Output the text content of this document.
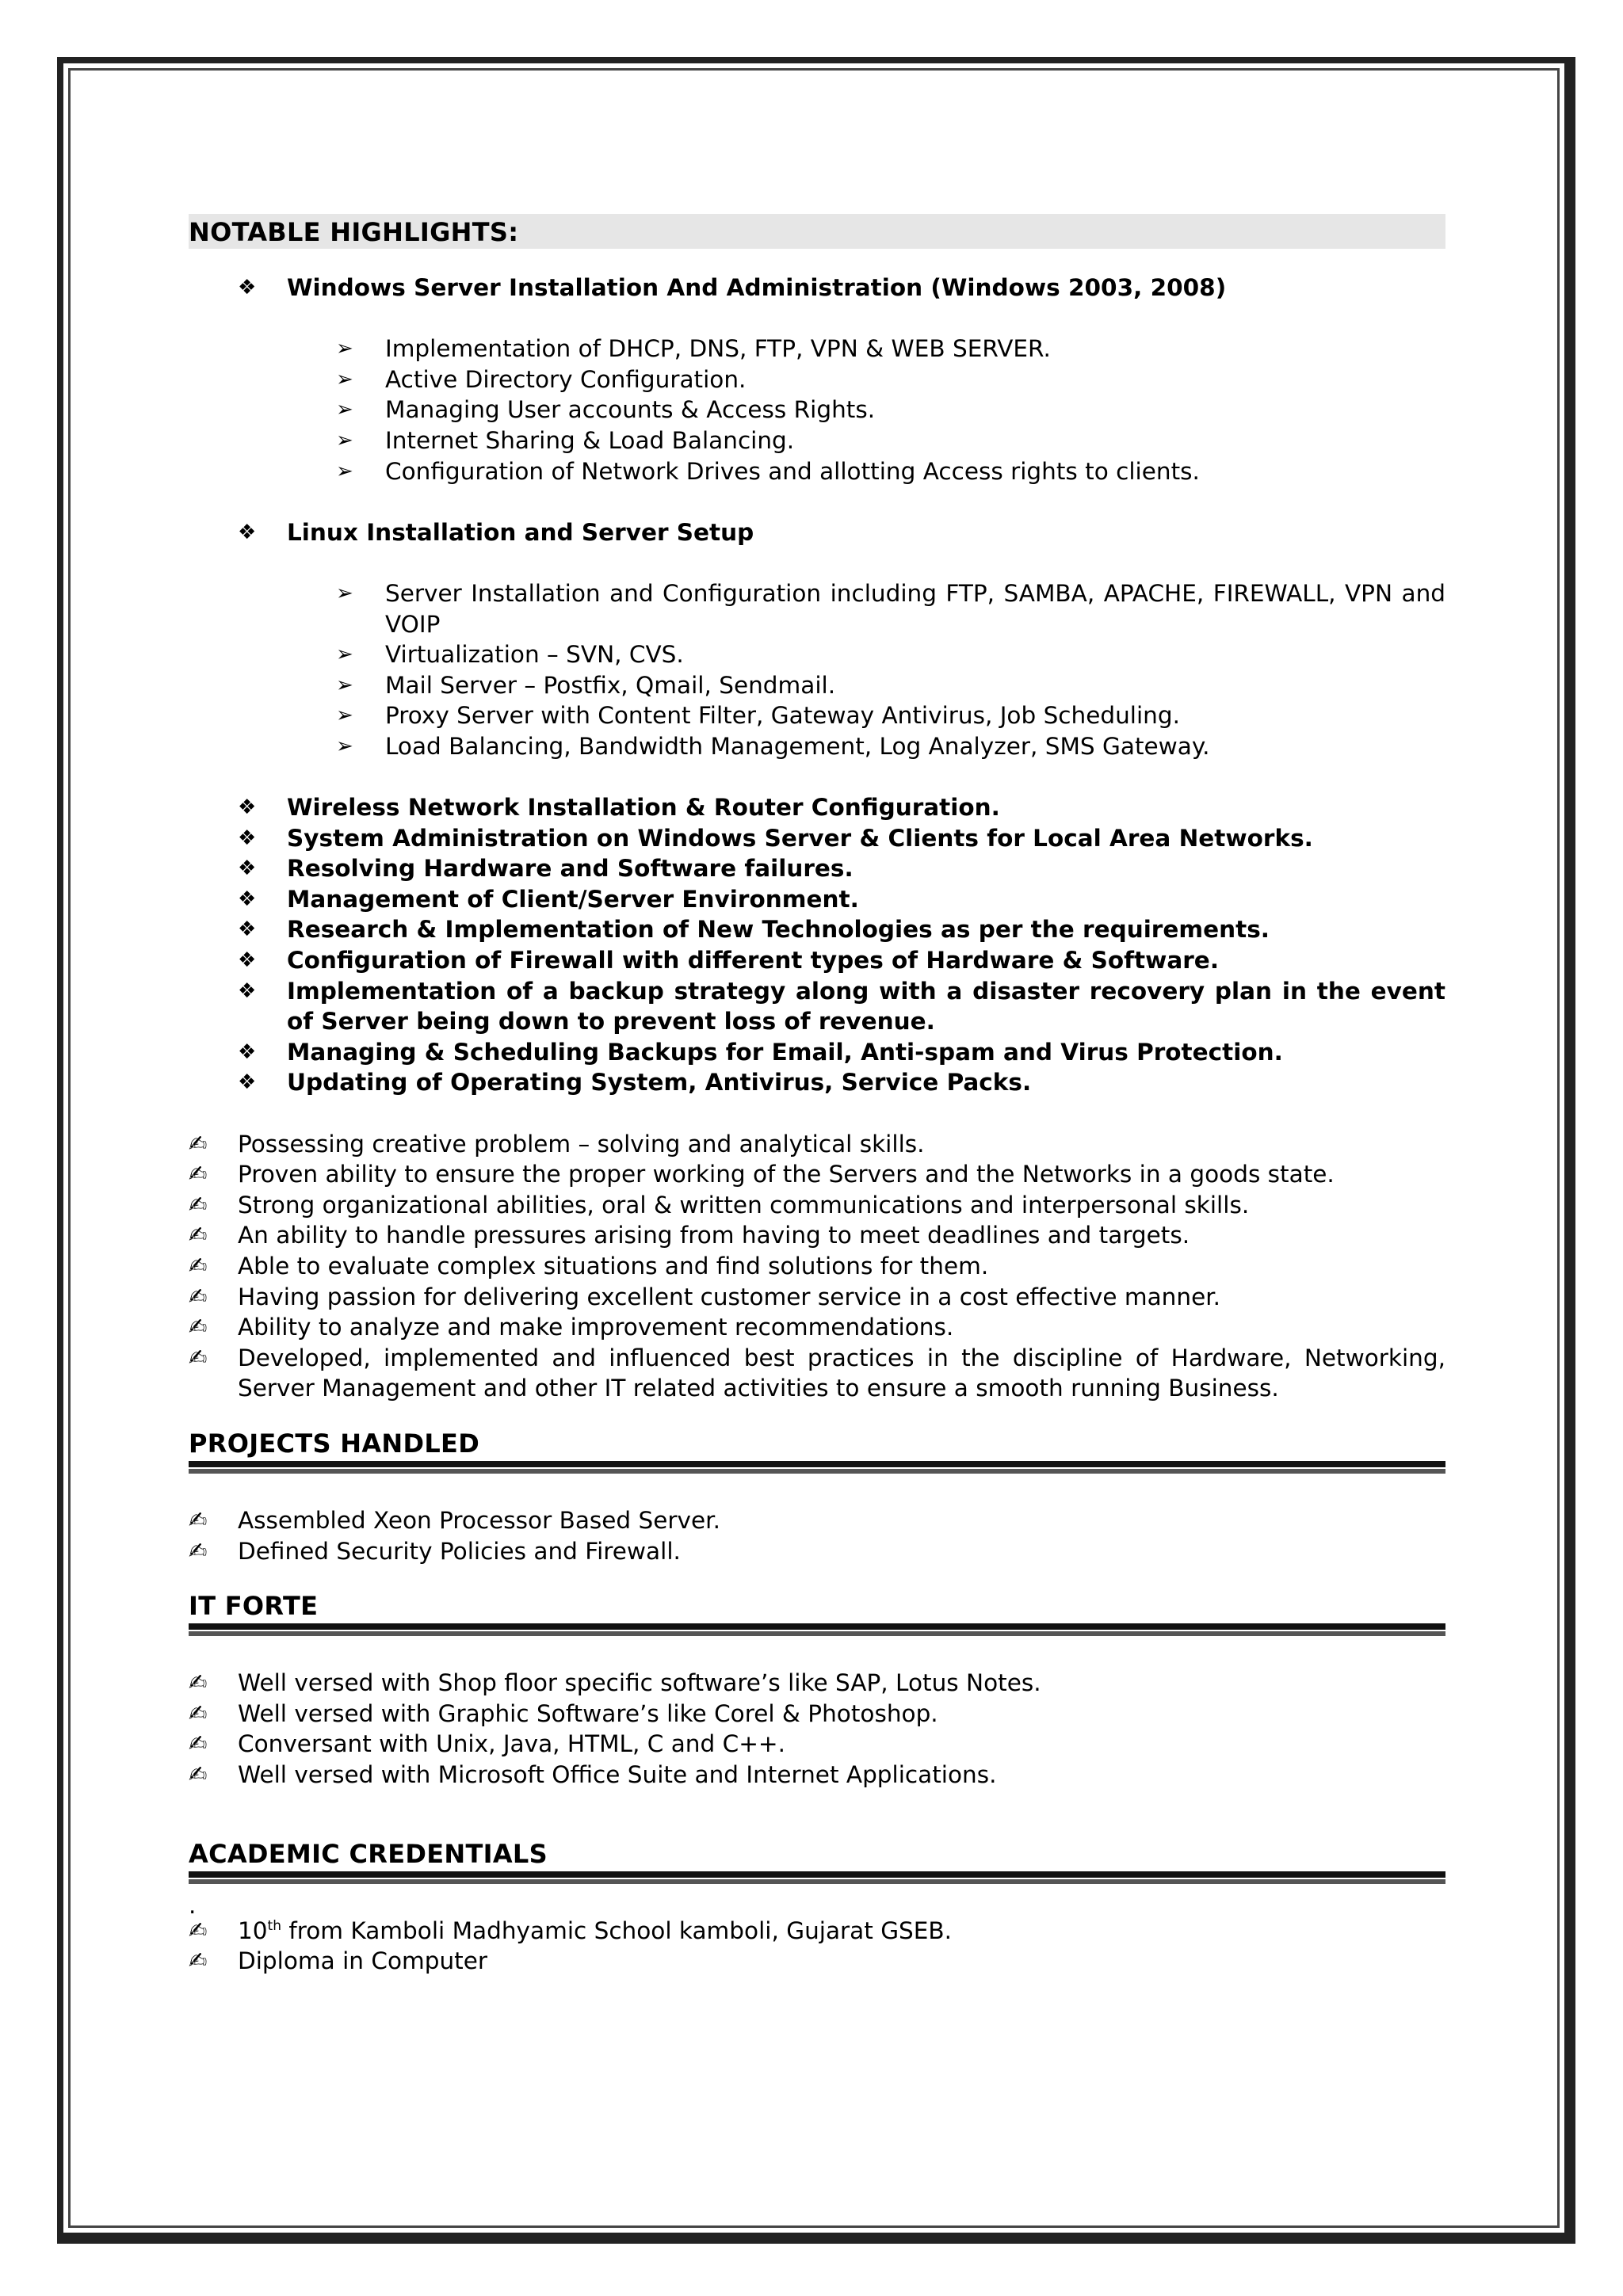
NOTABLE HIGHLIGHTS:
❖ Windows Server Installation And Administration (Windows 2003, 2008)
➢ Implementation of DHCP, DNS, FTP, VPN & WEB SERVER.
➢ Active Directory Configuration.
➢ Managing User accounts & Access Rights.
➢ Internet Sharing & Load Balancing.
➢ Configuration of Network Drives and allotting Access rights to clients.
❖ Linux Installation and Server Setup
➢ Server Installation and Configuration including FTP, SAMBA, APACHE, FIREWALL, VPN and VOIP
➢ Virtualization – SVN, CVS.
➢ Mail Server – Postfix, Qmail, Sendmail.
➢ Proxy Server with Content Filter, Gateway Antivirus, Job Scheduling.
➢ Load Balancing, Bandwidth Management, Log Analyzer, SMS Gateway.
❖ Wireless Network Installation & Router Configuration.
❖ System Administration on Windows Server & Clients for Local Area Networks.
❖ Resolving Hardware and Software failures.
❖ Management of Client/Server Environment.
❖ Research & Implementation of New Technologies as per the requirements.
❖ Configuration of Firewall with different types of Hardware & Software.
❖ Implementation of a backup strategy along with a disaster recovery plan in the event of Server being down to prevent loss of revenue.
❖ Managing & Scheduling Backups for Email, Anti-spam and Virus Protection.
❖ Updating of Operating System, Antivirus, Service Packs.
✍ Possessing creative problem – solving and analytical skills.
✍ Proven ability to ensure the proper working of the Servers and the Networks in a goods state.
✍ Strong organizational abilities, oral & written communications and interpersonal skills.
✍ An ability to handle pressures arising from having to meet deadlines and targets.
✍ Able to evaluate complex situations and find solutions for them.
✍ Having passion for delivering excellent customer service in a cost effective manner.
✍ Ability to analyze and make improvement recommendations.
✍ Developed, implemented and influenced best practices in the discipline of Hardware, Networking, Server Management and other IT related activities to ensure a smooth running Business.
PROJECTS HANDLED
✍ Assembled Xeon Processor Based Server.
✍ Defined Security Policies and Firewall.
IT FORTE
✍ Well versed with Shop floor specific software’s like SAP, Lotus Notes.
✍ Well versed with Graphic Software’s like Corel & Photoshop.
✍ Conversant with Unix, Java, HTML, C and C++.
✍ Well versed with Microsoft Office Suite and Internet Applications.
ACADEMIC CREDENTIALS
.
✍ 10th from Kamboli Madhyamic School kamboli, Gujarat GSEB.
✍ Diploma in Computer
